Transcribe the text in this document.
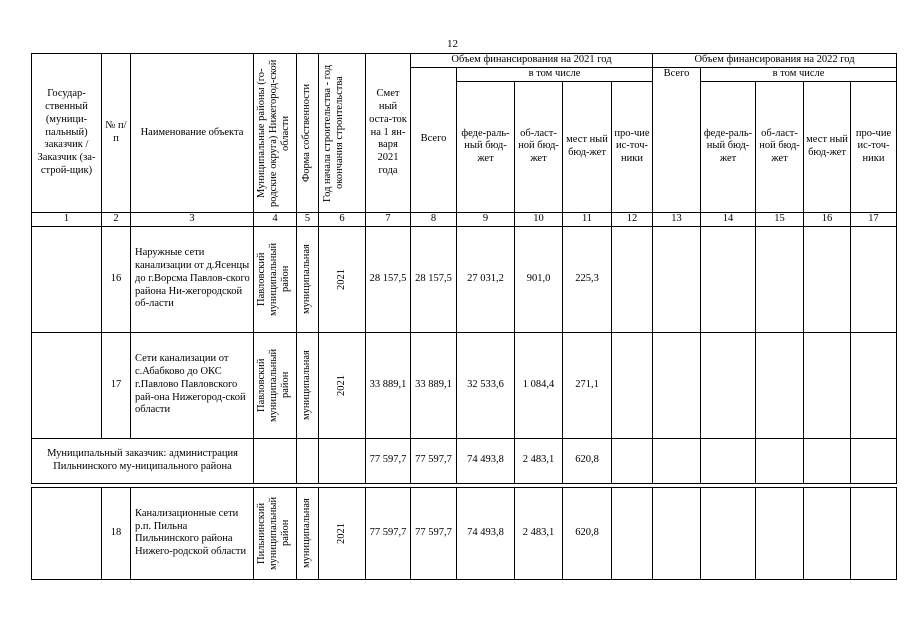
12
Государ-ственный (муници-пальный) заказчик /Заказчик (за-строй-щик)	№ п/п	Наименование объекта	Муниципальные районы (го-родские округа) Нижегород-ской области	Форма собственности	Год начала строительства - год окончания строительства	Смет ный оста-ток на 1 ян-варя 2021 года	Объем финансирования на 2021 год					Объем финансирования на 2022 год				
							Всего	в том числе				Всего	в том числе			
								феде-раль-ный бюд-жет	об-ласт-ной бюд-жет	мест ный бюд-жет	про-чие ис-точ-ники		феде-раль-ный бюд-жет	об-ласт-ной бюд-жет	мест ный бюд-жет	про-чие ис-точ-ники
1	2	3	4	5	6	7	8	9	10	11	12	13	14	15	16	17
	16	Наружные сети канализации от д.Ясенцы до г.Ворсма Павлов-ского района Ни-жегородской об-ласти	Павловский муниципальный район	муниципальная	2021	28 157,5	28 157,5	27 031,2	901,0	225,3						
	17	Сети канализации от с.Абабково до ОКС г.Павлово Павловского рай-она Нижегород-ской области	Павловский муниципальный район	муниципальная	2021	33 889,1	33 889,1	32 533,6	1 084,4	271,1						
Муниципальный заказчик: администрация Пильнинского му-ниципального района						77 597,7	77 597,7	74 493,8	2 483,1	620,8						

	18	Канализационные сети р.п. Пильна Пильнинского района Нижего-родской области	Пильнинский муниципальный район	муниципальная	2021	77 597,7	77 597,7	74 493,8	2 483,1	620,8						
